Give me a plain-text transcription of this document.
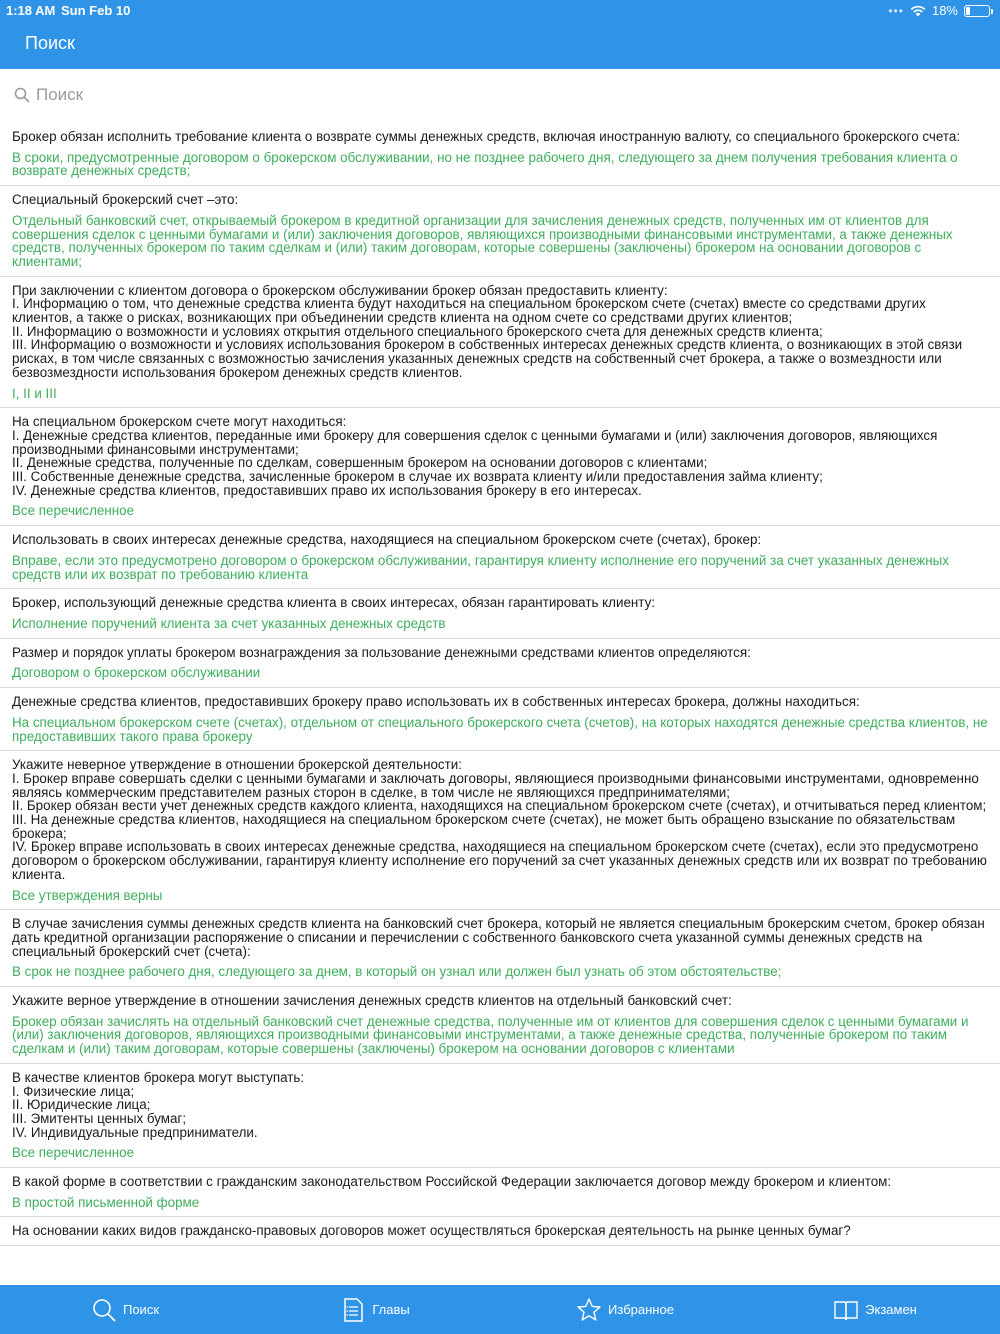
1:18 AM Sun Feb 10	••• 18%
Поиск
Поиск
Брокер обязан исполнить требование клиента о возврате суммы денежных средств, включая иностранную валюту, со специального брокерского счета:
В сроки, предусмотренные договором о брокерском обслуживании, но не позднее рабочего дня, следующего за днем получения требования клиента о возврате денежных средств;
Специальный брокерский счет –это:
Отдельный банковский счет, открываемый брокером в кредитной организации для зачисления денежных средств, полученных им от клиентов для совершения сделок с ценными бумагами и (или) заключения договоров, являющихся производными финансовыми инструментами, а также денежных средств, полученных брокером по таким сделкам и (или) таким договорам, которые совершены (заключены) брокером на основании договоров с клиентами;
При заключении с клиентом договора о брокерском обслуживании брокер обязан предоставить клиенту:
I. Информацию о том, что денежные средства клиента будут находиться на специальном брокерском счете (счетах) вместе со средствами других клиентов, а также о рисках, возникающих при объединении средств клиента на одном счете со средствами других клиентов;
II. Информацию о возможности и условиях открытия отдельного специального брокерского счета для денежных средств клиента;
III. Информацию о возможности и условиях использования брокером в собственных интересах денежных средств клиента, о возникающих в этой связи рисках, в том числе связанных с возможностью зачисления указанных денежных средств на собственный счет брокера, а также о возмездности или безвозмездности использования брокером денежных средств клиентов.
I, II и III
На специальном брокерском счете могут находиться:
I. Денежные средства клиентов, переданные ими брокеру для совершения сделок с ценными бумагами и (или) заключения договоров, являющихся производными финансовыми инструментами;
II. Денежные средства, полученные по сделкам, совершенным брокером на основании договоров с клиентами;
III. Собственные денежные средства, зачисленные брокером в случае их возврата клиенту и/или предоставления займа клиенту;
IV. Денежные средства клиентов, предоставивших право их использования брокеру в его интересах.
Все перечисленное
Использовать в своих интересах денежные средства, находящиеся на специальном брокерском счете (счетах), брокер:
Вправе, если это предусмотрено договором о брокерском обслуживании, гарантируя клиенту исполнение его поручений за счет указанных денежных средств или их возврат по требованию клиента
Брокер, использующий денежные средства клиента в своих интересах, обязан гарантировать клиенту:
Исполнение поручений клиента за счет указанных денежных средств
Размер и порядок уплаты брокером вознаграждения за пользование денежными средствами клиентов определяются:
Договором о брокерском обслуживании
Денежные средства клиентов, предоставивших брокеру право использовать их в собственных интересах брокера, должны находиться:
На специальном брокерском счете (счетах), отдельном от специального брокерского счета (счетов), на которых находятся денежные средства клиентов, не предоставивших такого права брокеру
Укажите неверное утверждение в отношении брокерской деятельности:
I. Брокер вправе совершать сделки с ценными бумагами и заключать договоры, являющиеся производными финансовыми инструментами, одновременно являясь коммерческим представителем разных сторон в сделке, в том числе не являющихся предпринимателями;
II. Брокер обязан вести учет денежных средств каждого клиента, находящихся на специальном брокерском счете (счетах), и отчитываться перед клиентом;
III. На денежные средства клиентов, находящиеся на специальном брокерском счете (счетах), не может быть обращено взыскание по обязательствам брокера;
IV. Брокер вправе использовать в своих интересах денежные средства, находящиеся на специальном брокерском счете (счетах), если это предусмотрено договором о брокерском обслуживании, гарантируя клиенту исполнение его поручений за счет указанных денежных средств или их возврат по требованию клиента.
Все утверждения верны
В случае зачисления суммы денежных средств клиента на банковский счет брокера, который не является специальным брокерским счетом, брокер обязан дать кредитной организации распоряжение о списании и перечислении с собственного банковского счета указанной суммы денежных средств на специальный брокерский счет (счета):
В срок не позднее рабочего дня, следующего за днем, в который он узнал или должен был узнать об этом обстоятельстве;
Укажите верное утверждение в отношении зачисления денежных средств клиентов на отдельный банковский счет:
Брокер обязан зачислять на отдельный банковский счет денежные средства, полученные им от клиентов для совершения сделок с ценными бумагами и (или) заключения договоров, являющихся производными финансовыми инструментами, а также денежные средства, полученные брокером по таким сделкам и (или) таким договорам, которые совершены (заключены) брокером на основании договоров с клиентами
В качестве клиентов брокера могут выступать:
I. Физические лица;
II. Юридические лица;
III. Эмитенты ценных бумаг;
IV. Индивидуальные предприниматели.
Все перечисленное
В какой форме в соответствии с гражданским законодательством Российской Федерации заключается договор между брокером и клиентом:
В простой письменной форме
На основании каких видов гражданско-правовых договоров может осуществляться брокерская деятельность на рынке ценных бумаг?
Поиск	Главы	Избранное	Экзамен
